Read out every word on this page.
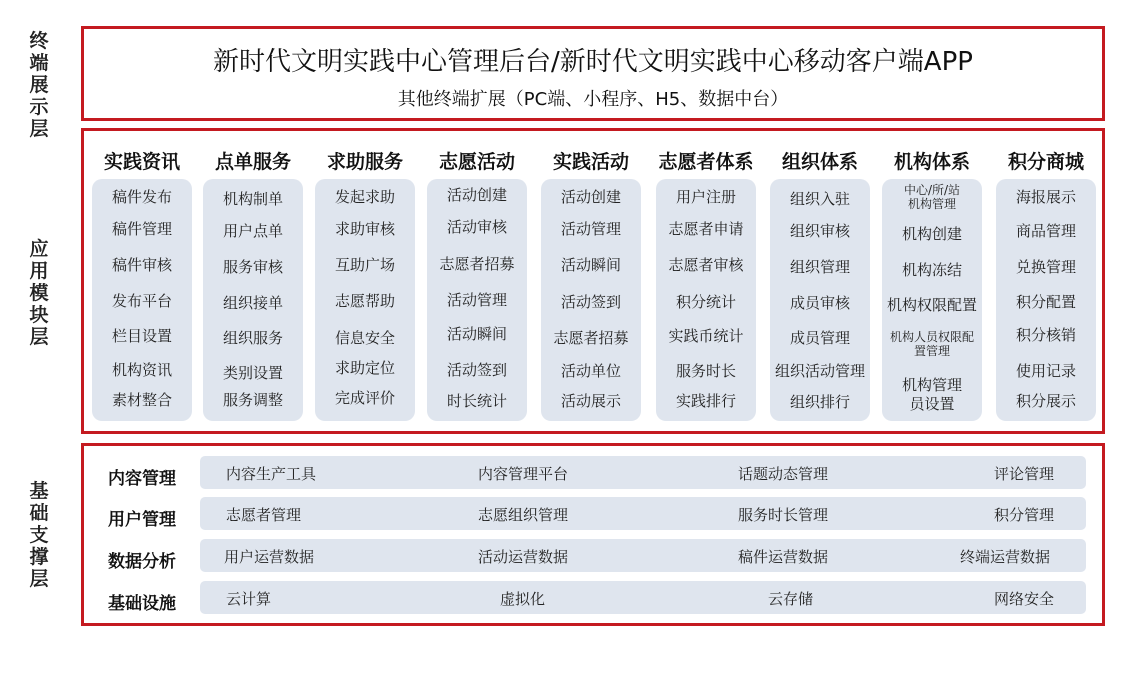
终端展示层
应用模块层
基础支撑层
新时代文明实践中心管理后台/新时代文明实践中心移动客户端APP
其他终端扩展（PC端、小程序、H5、数据中台）
实践资讯
稿件发布
稿件管理
稿件审核
发布平台
栏目设置
机构资讯
素材整合
点单服务
机构制单
用户点单
服务审核
组织接单
组织服务
类别设置
服务调整
求助服务
发起求助
求助审核
互助广场
志愿帮助
信息安全
求助定位
完成评价
志愿活动
活动创建
活动审核
志愿者招募
活动管理
活动瞬间
活动签到
时长统计
实践活动
活动创建
活动管理
活动瞬间
活动签到
志愿者招募
活动单位
活动展示
志愿者体系
用户注册
志愿者申请
志愿者审核
积分统计
实践币统计
服务时长
实践排行
组织体系
组织入驻
组织审核
组织管理
成员审核
成员管理
组织活动管理
组织排行
机构体系
中心/所/站机构管理
机构创建
机构冻结
机构权限配置
机构人员权限配置管理
机构管理员设置
积分商城
海报展示
商品管理
兑换管理
积分配置
积分核销
使用记录
积分展示
内容管理	内容生产工具	内容管理平台	话题动态管理	评论管理
用户管理	志愿者管理	志愿组织管理	服务时长管理	积分管理
数据分析	用户运营数据	活动运营数据	稿件运营数据	终端运营数据
基础设施	云计算	虚拟化	云存储	网络安全
